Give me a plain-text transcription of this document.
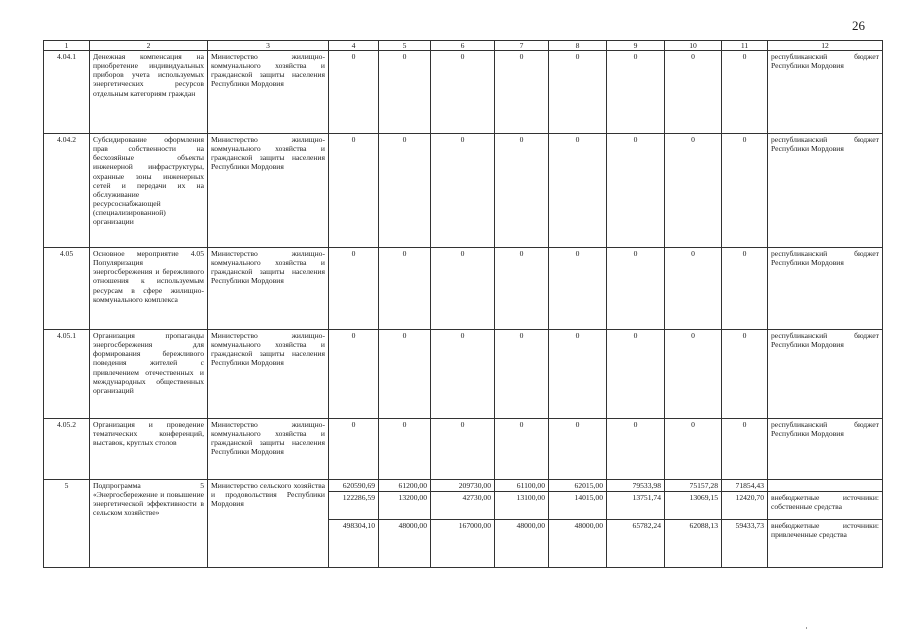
26
1	2	3	4	5	6	7	8	9	10	11	12
4.04.1	Денежная компенсация на приобретение индивидуальных приборов учета используемых энергетических ресурсов отдельным категориям граждан	Министерство жилищно-коммунального хозяйства и гражданской защиты населения Республики Мордовия	0	0	0	0	0	0	0	0	республиканский бюджет Республики Мордовия
4.04.2	Субсидирование оформления прав собственности на бесхозяйные объекты инженерной инфраструктуры, охранные зоны инженерных сетей и передачи их на обслуживание ресурсоснабжающей (специализированной) организации	Министерство жилищно-коммунального хозяйства и гражданской защиты населения Республики Мордовия	0	0	0	0	0	0	0	0	республиканский бюджет Республики Мордовия
4.05	Основное мероприятие 4.05 Популяризация энергосбережения и бережливого отношения к используемым ресурсам в сфере жилищно-коммунального комплекса	Министерство жилищно-коммунального хозяйства и гражданской защиты населения Республики Мордовия	0	0	0	0	0	0	0	0	республиканский бюджет Республики Мордовия
4.05.1	Организация пропаганды энергосбережения для формирования бережливого поведения жителей с привлечением отечественных и международных общественных организаций	Министерство жилищно-коммунального хозяйства и гражданской защиты населения Республики Мордовия	0	0	0	0	0	0	0	0	республиканский бюджет Республики Мордовия
4.05.2	Организация и проведение тематических конференций, выставок, круглых столов	Министерство жилищно-коммунального хозяйства и гражданской защиты населения Республики Мордовия	0	0	0	0	0	0	0	0	республиканский бюджет Республики Мордовия
5	Подпрограмма 5 «Энергосбережение и повышение энергетической эффективности в сельском хозяйстве»	Министерство сельского хозяйства и продовольствия Республики Мордовия	620590,69	61200,00	209730,00	61100,00	62015,00	79533,98	75157,28	71854,43	
			122286,59	13200,00	42730,00	13100,00	14015,00	13751,74	13069,15	12420,70	внебюджетные источники: собственные средства
			498304,10	48000,00	167000,00	48000,00	48000,00	65782,24	62088,13	59433,73	внебюджетные источники: привлеченные средства
